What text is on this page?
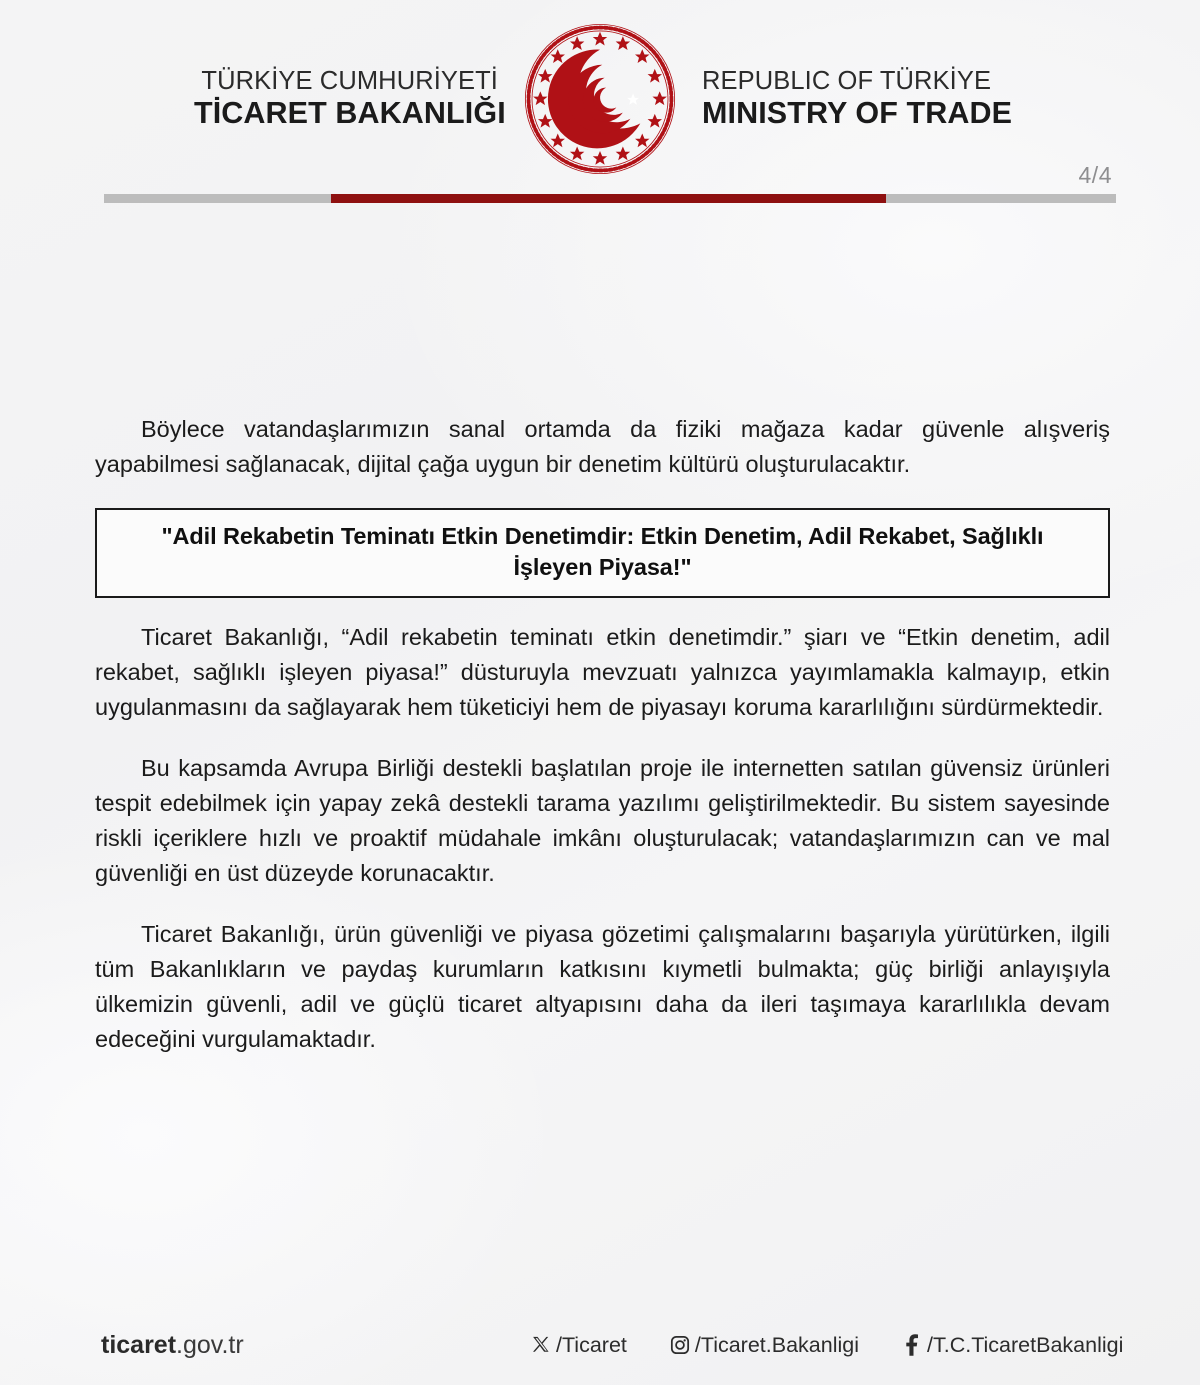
TÜRKİYE CUMHURİYETİ
TİCARET BAKANLIĞI
REPUBLIC OF TÜRKİYE
MINISTRY OF TRADE
4/4

Böylece vatandaşlarımızın sanal ortamda da fiziki mağaza kadar güvenle alışveriş yapabilmesi sağlanacak, dijital çağa uygun bir denetim kültürü oluşturulacaktır.

"Adil Rekabetin Teminatı Etkin Denetimdir: Etkin Denetim, Adil Rekabet, Sağlıklı İşleyen Piyasa!"

Ticaret Bakanlığı, “Adil rekabetin teminatı etkin denetimdir.” şiarı ve “Etkin denetim, adil rekabet, sağlıklı işleyen piyasa!” düsturuyla mevzuatı yalnızca yayımlamakla kalmayıp, etkin uygulanmasını da sağlayarak hem tüketiciyi hem de piyasayı koruma kararlılığını sürdürmektedir.

Bu kapsamda Avrupa Birliği destekli başlatılan proje ile internetten satılan güvensiz ürünleri tespit edebilmek için yapay zekâ destekli tarama yazılımı geliştirilmektedir. Bu sistem sayesinde riskli içeriklere hızlı ve proaktif müdahale imkânı oluşturulacak; vatandaşlarımızın can ve mal güvenliği en üst düzeyde korunacaktır.

Ticaret Bakanlığı, ürün güvenliği ve piyasa gözetimi çalışmalarını başarıyla yürütürken, ilgili tüm Bakanlıkların ve paydaş kurumların katkısını kıymetli bulmakta; güç birliği anlayışıyla ülkemizin güvenli, adil ve güçlü ticaret altyapısını daha da ileri taşımaya kararlılıkla devam edeceğini vurgulamaktadır.

ticaret.gov.tr	/Ticaret	/Ticaret.Bakanligi	/T.C.TicaretBakanligi
